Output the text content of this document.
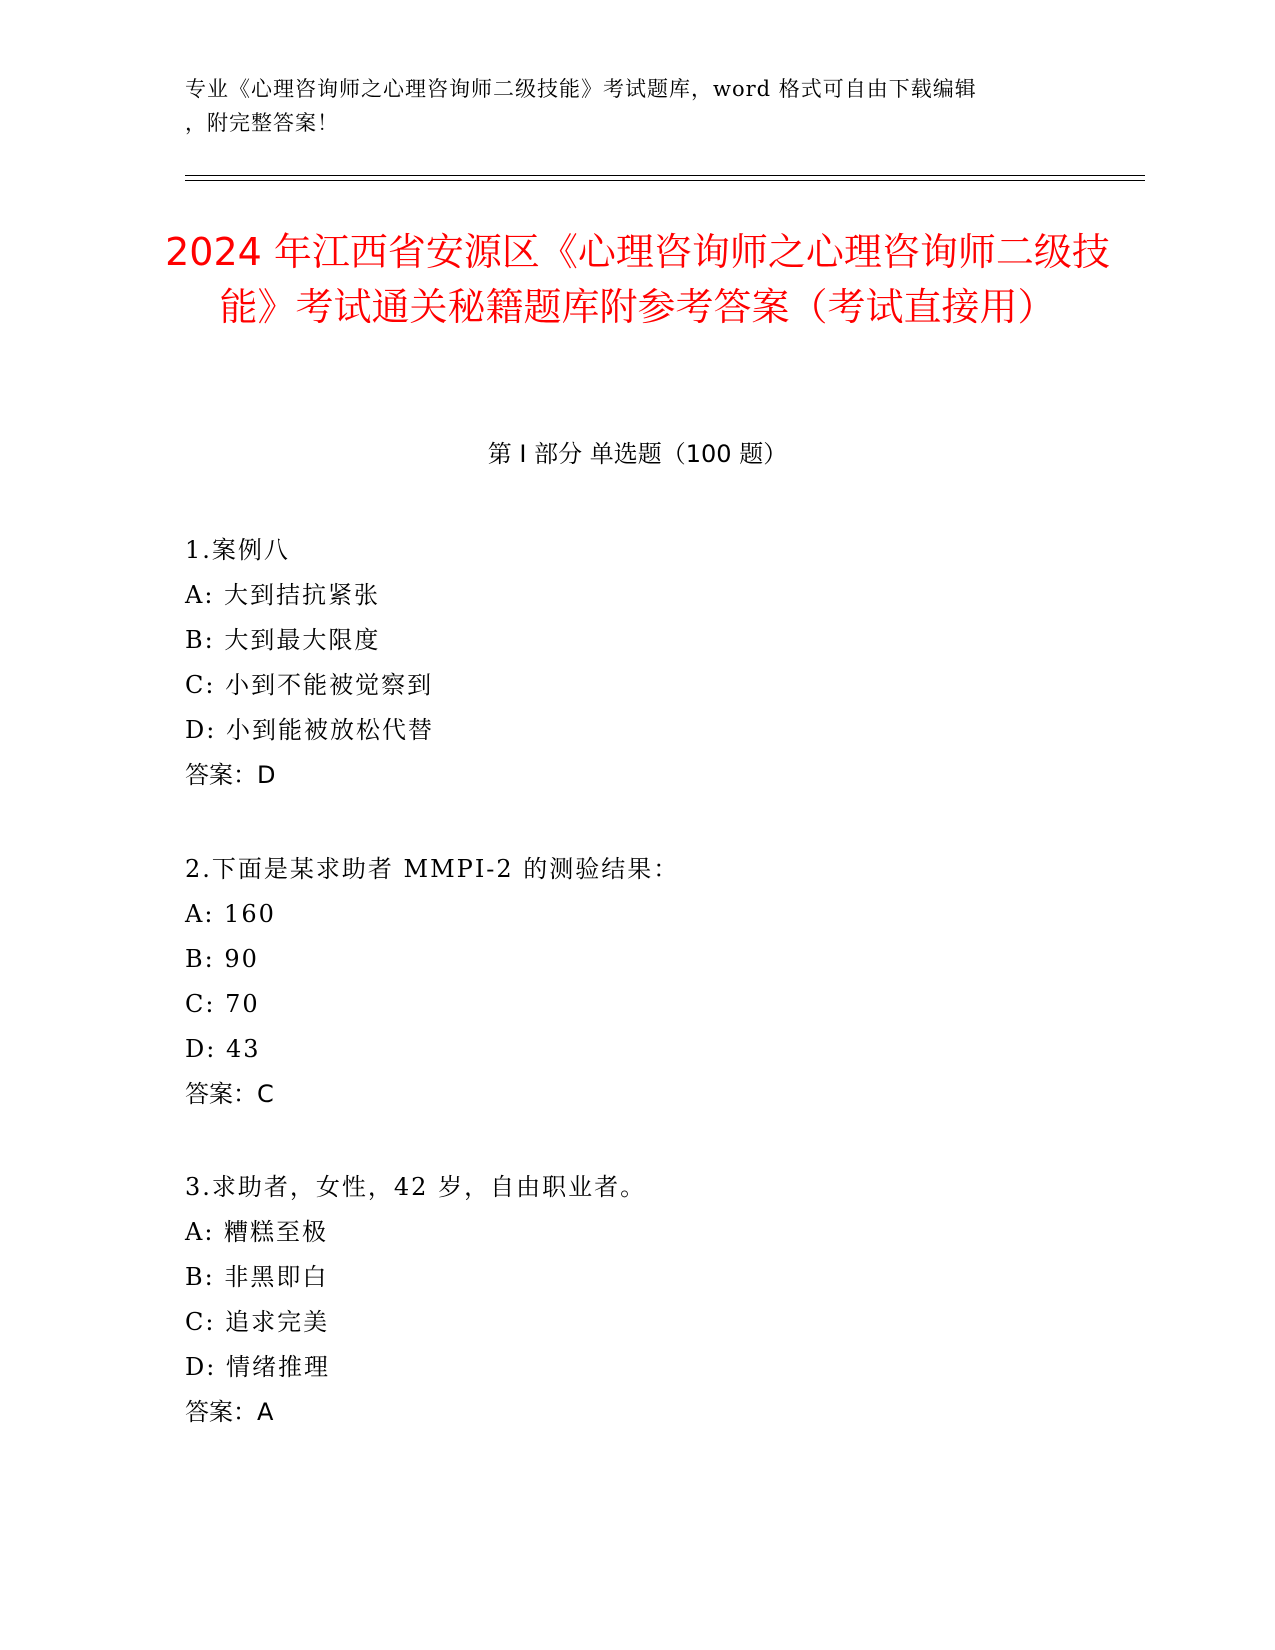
专业《心理咨询师之心理咨询师二级技能》考试题库，word 格式可自由下载编辑
，附完整答案！
2024 年江西省安源区《心理咨询师之心理咨询师二级技能》考试通关秘籍题库附参考答案（考试直接用）
第 I 部分 单选题（100 题）
1.案例八
A: 大到拮抗紧张
B: 大到最大限度
C: 小到不能被觉察到
D: 小到能被放松代替
答案：D
2.下面是某求助者 MMPI-2 的测验结果：
A: 160
B: 90
C: 70
D: 43
答案：C
3.求助者，女性，42 岁，自由职业者。
A: 糟糕至极
B: 非黑即白
C: 追求完美
D: 情绪推理
答案：A
